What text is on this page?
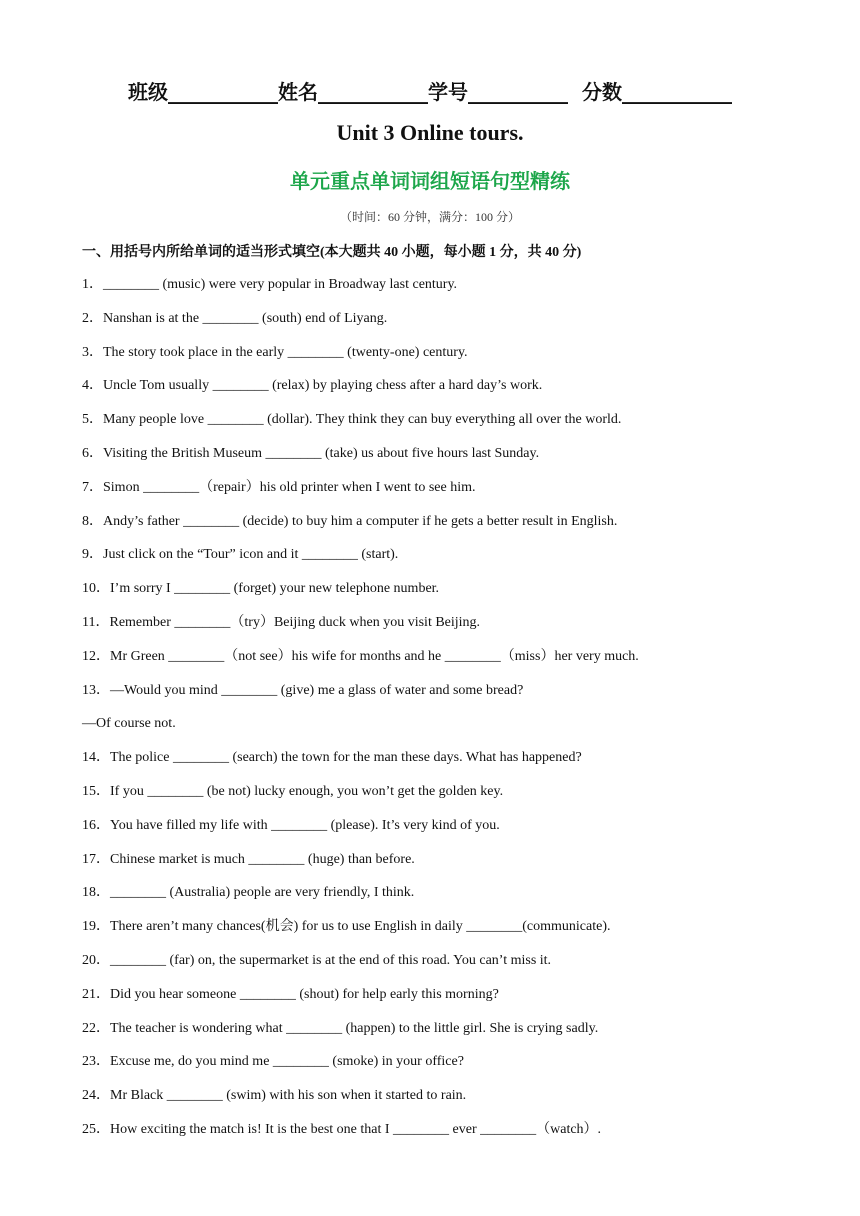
班级___________姓名___________学号__________ 分数___________
Unit 3 Online tours.
单元重点单词词组短语句型精练
（时间：60 分钟，满分：100 分）
一、用括号内所给单词的适当形式填空(本大题共 40 小题，每小题 1 分，共 40 分)
1．________ (music) were very popular in Broadway last century.
2．Nanshan is at the ________ (south) end of Liyang.
3．The story took place in the early ________ (twenty-one) century.
4．Uncle Tom usually ________ (relax) by playing chess after a hard day’s work.
5．Many people love ________ (dollar). They think they can buy everything all over the world.
6．Visiting the British Museum ________ (take) us about five hours last Sunday.
7．Simon ________（repair）his old printer when I went to see him.
8．Andy’s father ________ (decide) to buy him a computer if he gets a better result in English.
9．Just click on the “Tour” icon and it ________ (start).
10．I’m sorry I ________ (forget) your new telephone number.
11．Remember ________（try）Beijing duck when you visit Beijing.
12．Mr Green ________（not see）his wife for months and he ________（miss）her very much.
13．—Would you mind ________ (give) me a glass of water and some bread?
—Of course not.
14．The police ________ (search) the town for the man these days. What has happened?
15．If you ________ (be not) lucky enough, you won’t get the golden key.
16．You have filled my life with ________ (please). It’s very kind of you.
17．Chinese market is much ________ (huge) than before.
18．________ (Australia) people are very friendly, I think.
19．There aren’t many chances(机会) for us to use English in daily ________(communicate).
20．________ (far) on, the supermarket is at the end of this road. You can’t miss it.
21．Did you hear someone ________ (shout) for help early this morning?
22．The teacher is wondering what ________ (happen) to the little girl. She is crying sadly.
23．Excuse me, do you mind me ________ (smoke) in your office?
24．Mr Black ________ (swim) with his son when it started to rain.
25．How exciting the match is! It is the best one that I ________ ever ________（watch）.
